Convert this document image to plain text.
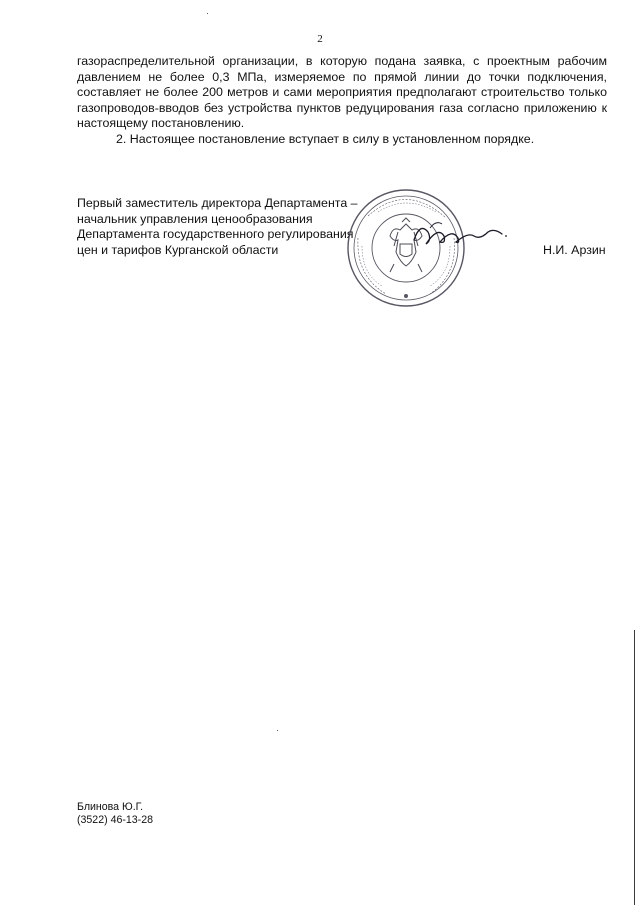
2

газораспределительной организации, в которую подана заявка, с проектным рабочим давлением не более 0,3 МПа, измеряемое по прямой линии до точки подключения, составляет не более 200 метров и сами мероприятия предполагают строительство только газопроводов-вводов без устройства пунктов редуцирования газа согласно приложению к настоящему постановлению.

2. Настоящее постановление вступает в силу в установленном порядке.

Первый заместитель директора Департамента –
начальник управления ценообразования
Департамента государственного регулирования
цен и тарифов Курганской области	Н.И. Арзин
Блинова Ю.Г.
(3522) 46-13-28
